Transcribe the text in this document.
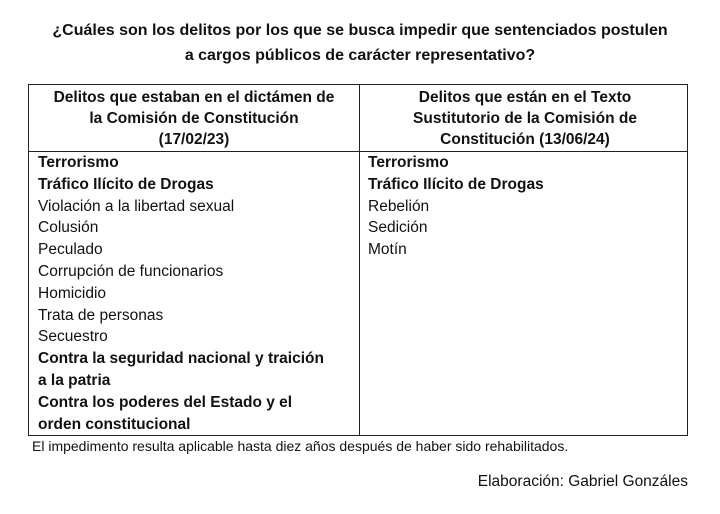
¿Cuáles son los delitos por los que se busca impedir que sentenciados postulen
a cargos públicos de carácter representativo?
Delitos que estaban en el dictámen de
la Comisión de Constitución
(17/02/23)
Delitos que están en el Texto
Sustitutorio de la Comisión de
Constitución (13/06/24)
Terrorismo
Tráfico Ilícito de Drogas
Violación a la libertad sexual
Colusión
Peculado
Corrupción de funcionarios
Homicidio
Trata de personas
Secuestro
Contra la seguridad nacional y traición
a la patria
Contra los poderes del Estado y el
orden constitucional
Terrorismo
Tráfico Ilícito de Drogas
Rebelión
Sedición
Motín
El impedimento resulta aplicable hasta diez años después de haber sido rehabilitados.
Elaboración: Gabriel Gonzáles
